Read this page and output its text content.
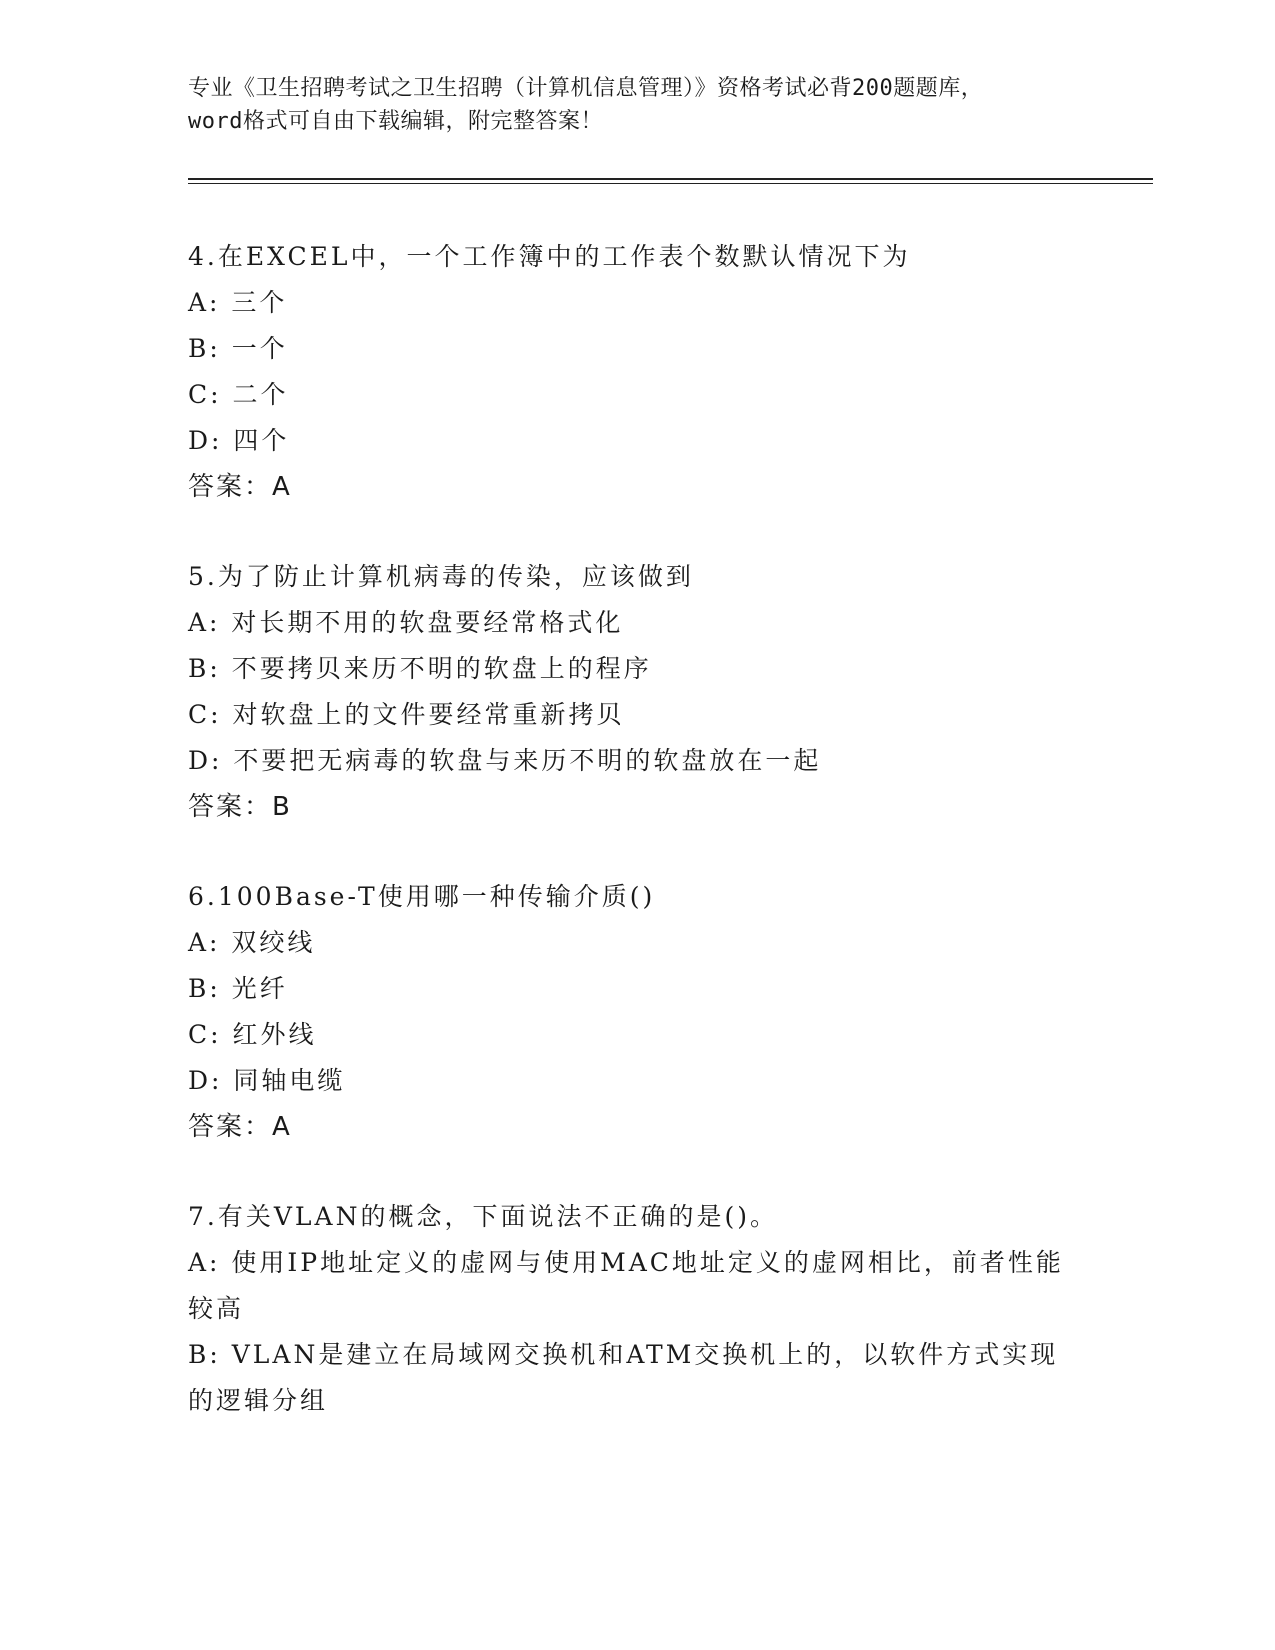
专业《卫生招聘考试之卫生招聘（计算机信息管理）》资格考试必背200题题库，
word格式可自由下载编辑，附完整答案！
4.在EXCEL中，一个工作簿中的工作表个数默认情况下为
A: 三个
B: 一个
C: 二个
D: 四个
答案：A
5.为了防止计算机病毒的传染，应该做到
A: 对长期不用的软盘要经常格式化
B: 不要拷贝来历不明的软盘上的程序
C: 对软盘上的文件要经常重新拷贝
D: 不要把无病毒的软盘与来历不明的软盘放在一起
答案：B
6.100Base-T使用哪一种传输介质()
A: 双绞线
B: 光纤
C: 红外线
D: 同轴电缆
答案：A
7.有关VLAN的概念，下面说法不正确的是()。
A: 使用IP地址定义的虚网与使用MAC地址定义的虚网相比，前者性能较高
B: VLAN是建立在局域网交换机和ATM交换机上的，以软件方式实现的逻辑分组
